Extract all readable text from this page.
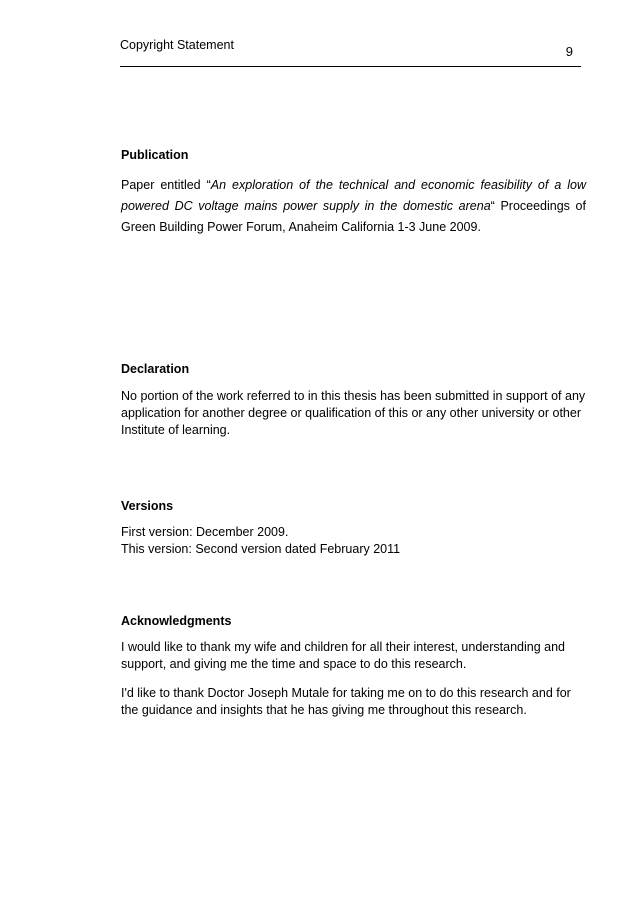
Copyright Statement	9
Publication

Paper entitled “An exploration of the technical and economic feasibility of a low powered DC voltage mains power supply in the domestic arena“ Proceedings of Green Building Power Forum, Anaheim California 1-3 June 2009.

Declaration

No portion of the work referred to in this thesis has been submitted in support of any application for another degree or qualification of this or any other university or other Institute of learning.

Versions

First version: December 2009.
This version: Second version dated February 2011

Acknowledgments

I would like to thank my wife and children for all their interest, understanding and support, and giving me the time and space to do this research.

I'd like to thank Doctor Joseph Mutale for taking me on to do this research and for the guidance and insights that he has giving me throughout this research.
